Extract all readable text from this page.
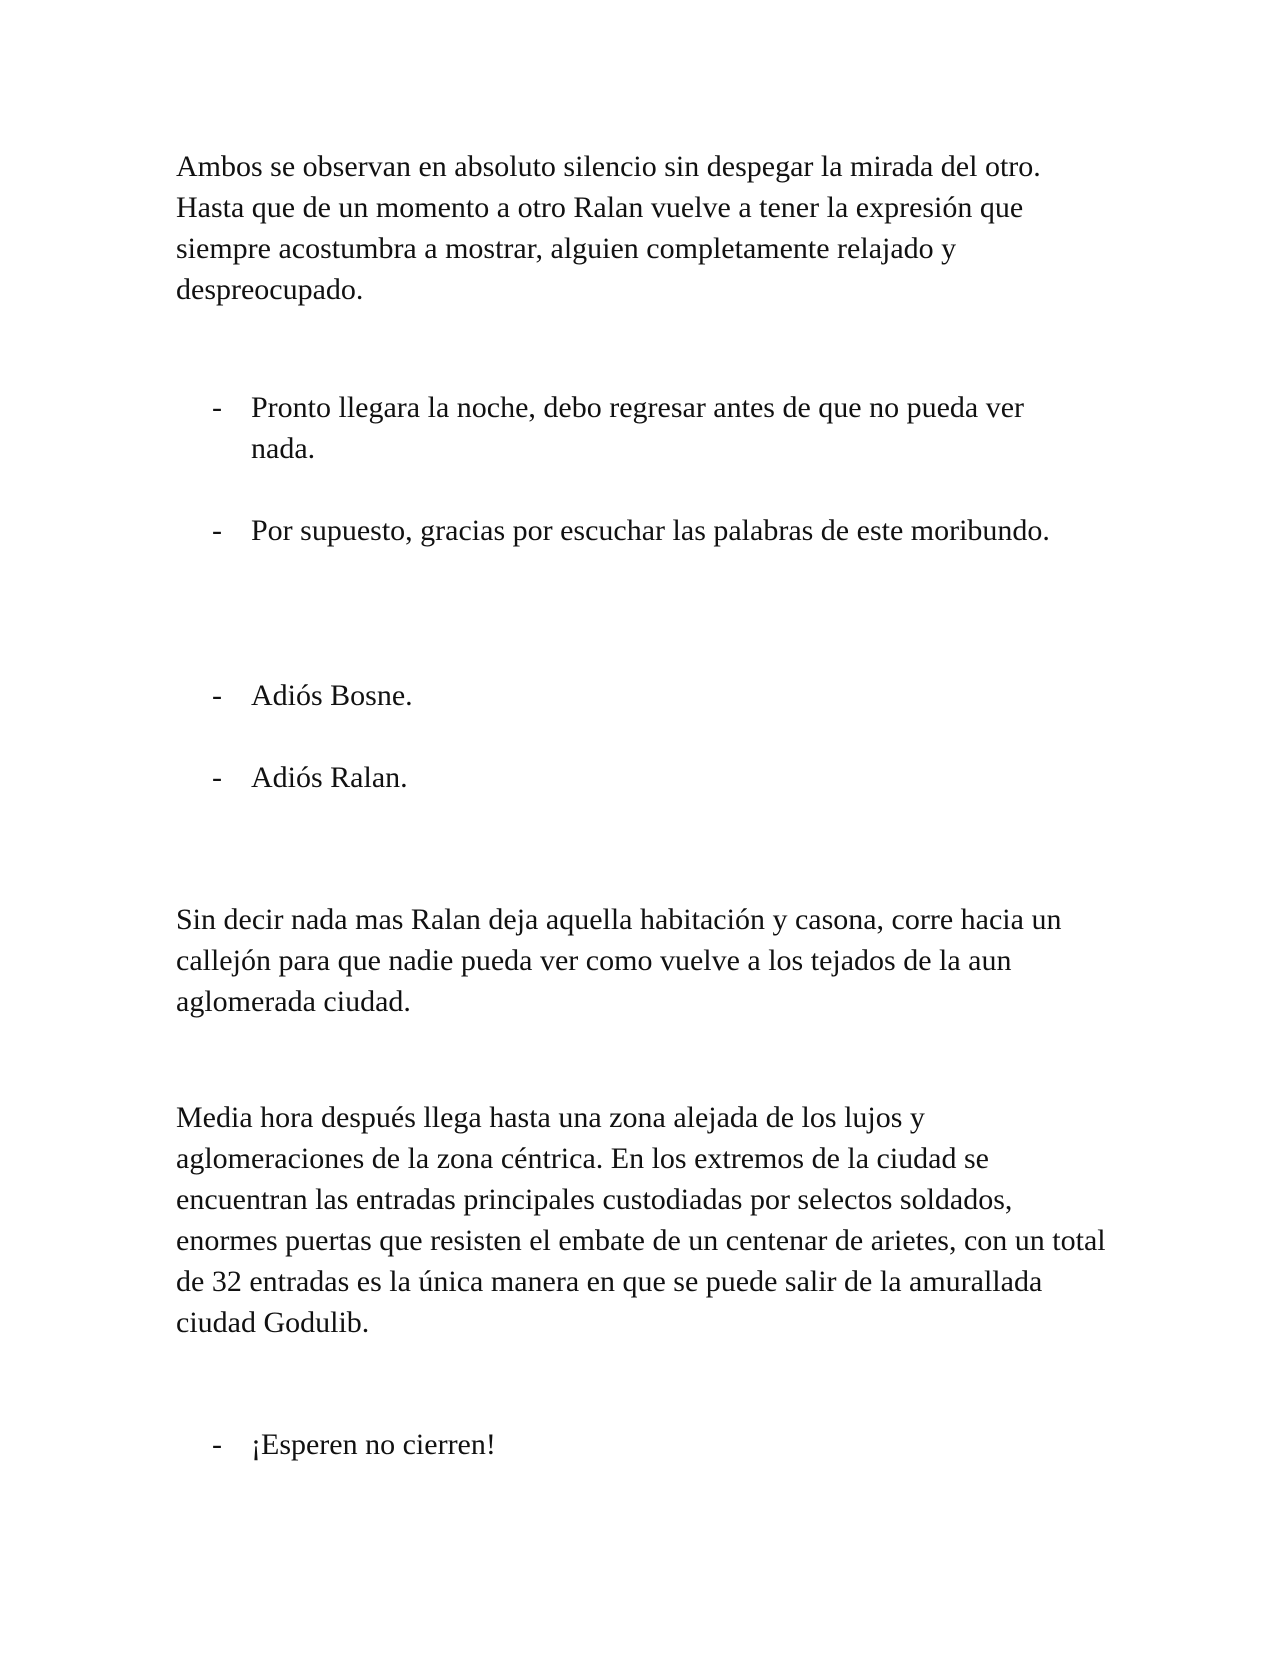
Ambos se observan en absoluto silencio sin despegar la mirada del otro. Hasta que de un momento a otro Ralan vuelve a tener la expresión que siempre acostumbra a mostrar, alguien completamente relajado y despreocupado.

- Pronto llegara la noche, debo regresar antes de que no pueda ver nada.
- Por supuesto, gracias por escuchar las palabras de este moribundo.
- Adiós Bosne.
- Adiós Ralan.

Sin decir nada mas Ralan deja aquella habitación y casona, corre hacia un callejón para que nadie pueda ver como vuelve a los tejados de la aun aglomerada ciudad.

Media hora después llega hasta una zona alejada de los lujos y aglomeraciones de la zona céntrica. En los extremos de la ciudad se encuentran las entradas principales custodiadas por selectos soldados, enormes puertas que resisten el embate de un centenar de arietes, con un total de 32 entradas es la única manera en que se puede salir de la amurallada ciudad Godulib.

- ¡Esperen no cierren!
